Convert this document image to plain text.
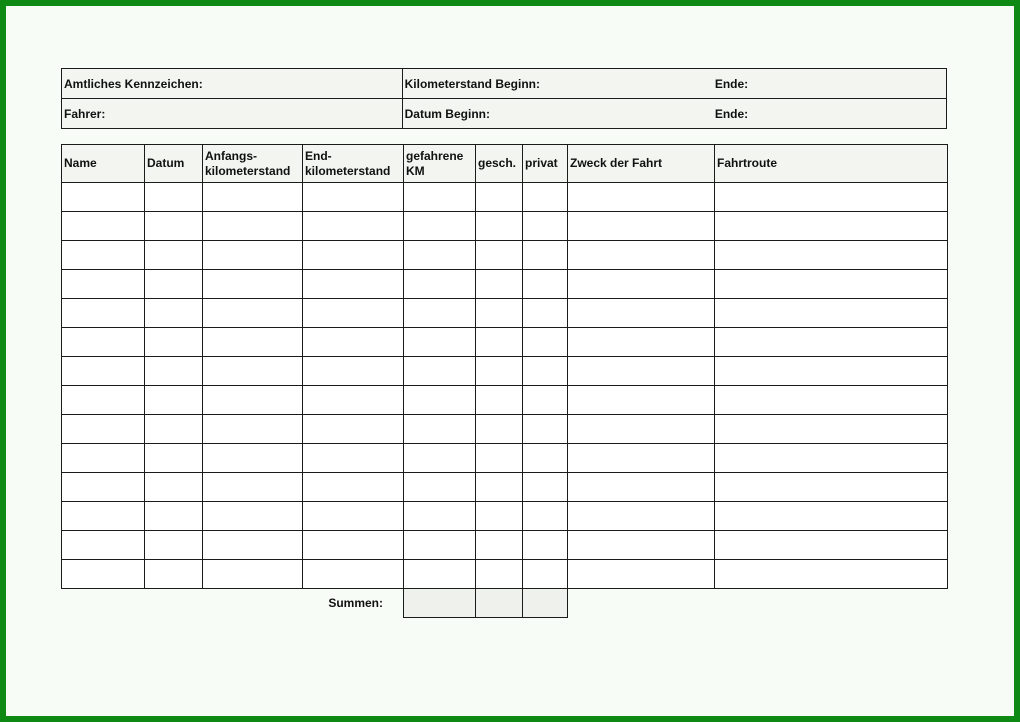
Amtliches Kennzeichen:	Kilometerstand Beginn:	Ende:
Fahrer:	Datum Beginn:	Ende:
Name	Datum	Anfangs-kilometerstand	End-kilometerstand	gefahrene KM	gesch.	privat	Zweck der Fahrt	Fahrtroute

Summen:								
